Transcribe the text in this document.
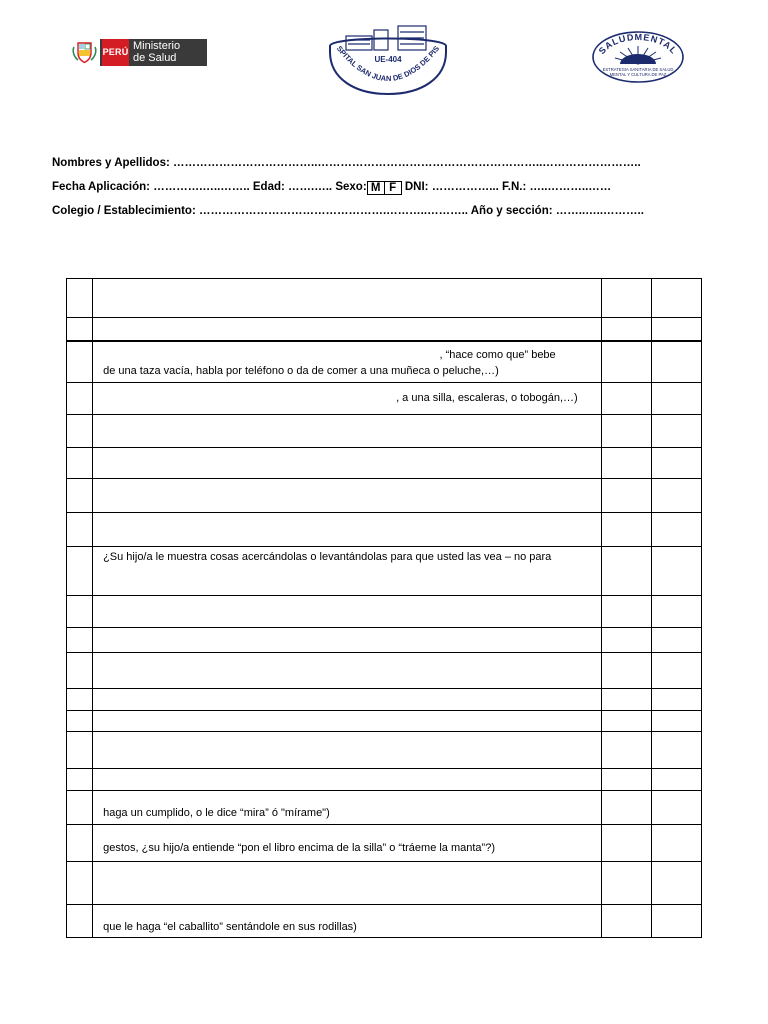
PERÚ Ministerio
de Salud	UE-404
SPITAL SAN JUAN DE DIOS DE PIS	SALUDMENTAL
ESTRATEGIA SANITARIA DE SALUD
MENTAL Y CULTURA DE PAZ
Nombres y Apellidos: ………………………………..…………………………………………………..……………………..
Fecha Aplicación: ………….…..…….. Edad: …….….. Sexo: M F DNI: ……………... F.N.: …..………..……
Colegio / Establecimiento: ………………………………………….………..……….. Año y sección: ……..…..………..

	, “hace como que” bebe
de una taza vacía, habla por teléfono o da de comer a una muñeca o peluche,…)		

	, a una silla, escaleras, o tobogán,…)		

	¿Su hijo/a le muestra cosas acercándolas o levantándolas para que usted las vea – no para		

	haga un cumplido, o le dice “mira” ó "mírame")		

	gestos, ¿su hijo/a entiende “pon el libro encima de la silla” o “tráeme la manta”?)		

	que le haga “el caballito” sentándole en sus rodillas)		
